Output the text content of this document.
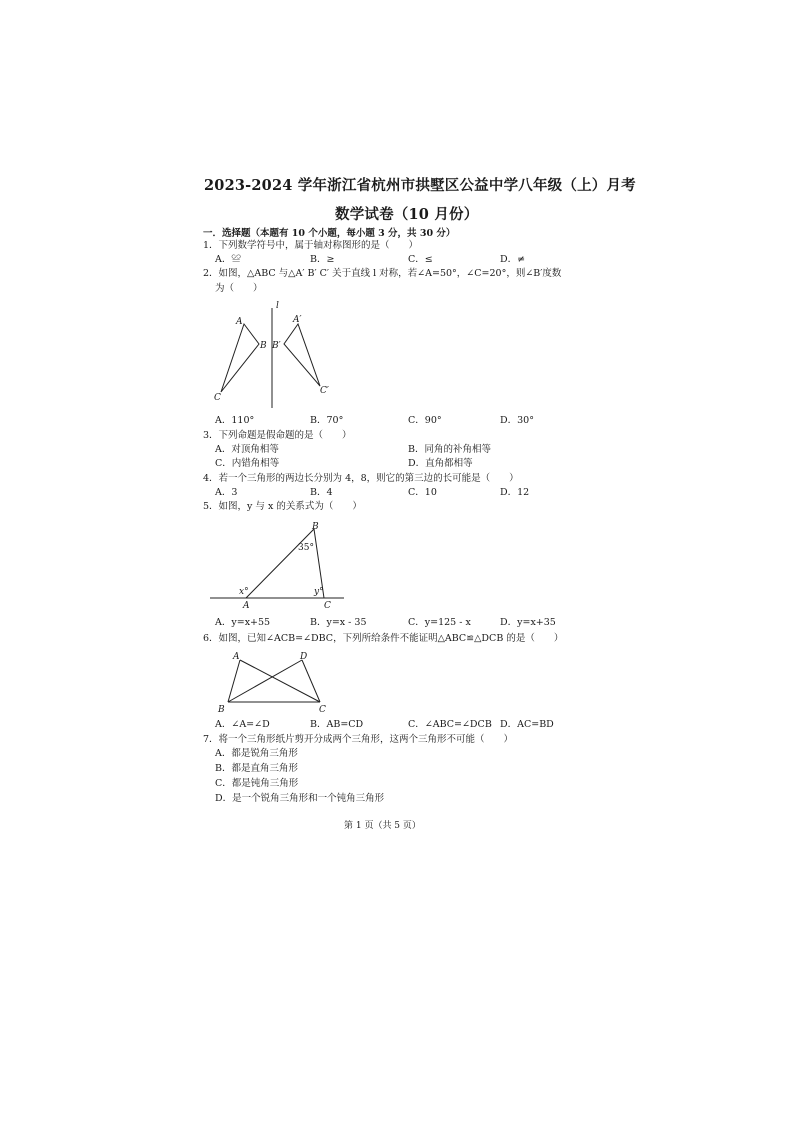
2023-2024 学年浙江省杭州市拱墅区公益中学八年级（上）月考
数学试卷（10 月份）
一．选择题（本题有 10 个小题，每小题 3 分，共 30 分）
1．下列数学符号中，属于轴对称图形的是（　　）
A．≌	B．≥	C．≤	D．≠
2．如图，△ABC 与△A′ B′ C′ 关于直线 l 对称，若∠A=50°，∠C=20°，则∠B′度数
为（　　）
A
B
C
l
A′
B′
C′
A．110°	B．70°	C．90°	D．30°
3．下列命题是假命题的是（　　）
A．对顶角相等	B．同角的补角相等
C．内错角相等	D．直角都相等
4．若一个三角形的两边长分别为 4，8，则它的第三边的长可能是（　　）
A．3	B．4	C．10	D．12
5．如图，y 与 x 的关系式为（　　）
B
35°
x°	y°
A	C
A．y=x+55	B．y=x - 35	C．y=125 - x	D．y=x+35
6．如图，已知∠ACB=∠DBC，下列所给条件不能证明△ABC≌△DCB 的是（　　）
A	D
B	C
A．∠A=∠D	B．AB=CD	C．∠ABC=∠DCB D．AC=BD
7．将一个三角形纸片剪开分成两个三角形，这两个三角形不可能（　　）
A．都是锐角三角形
B．都是直角三角形
C．都是钝角三角形
D．是一个锐角三角形和一个钝角三角形
第 1 页（共 5 页）
